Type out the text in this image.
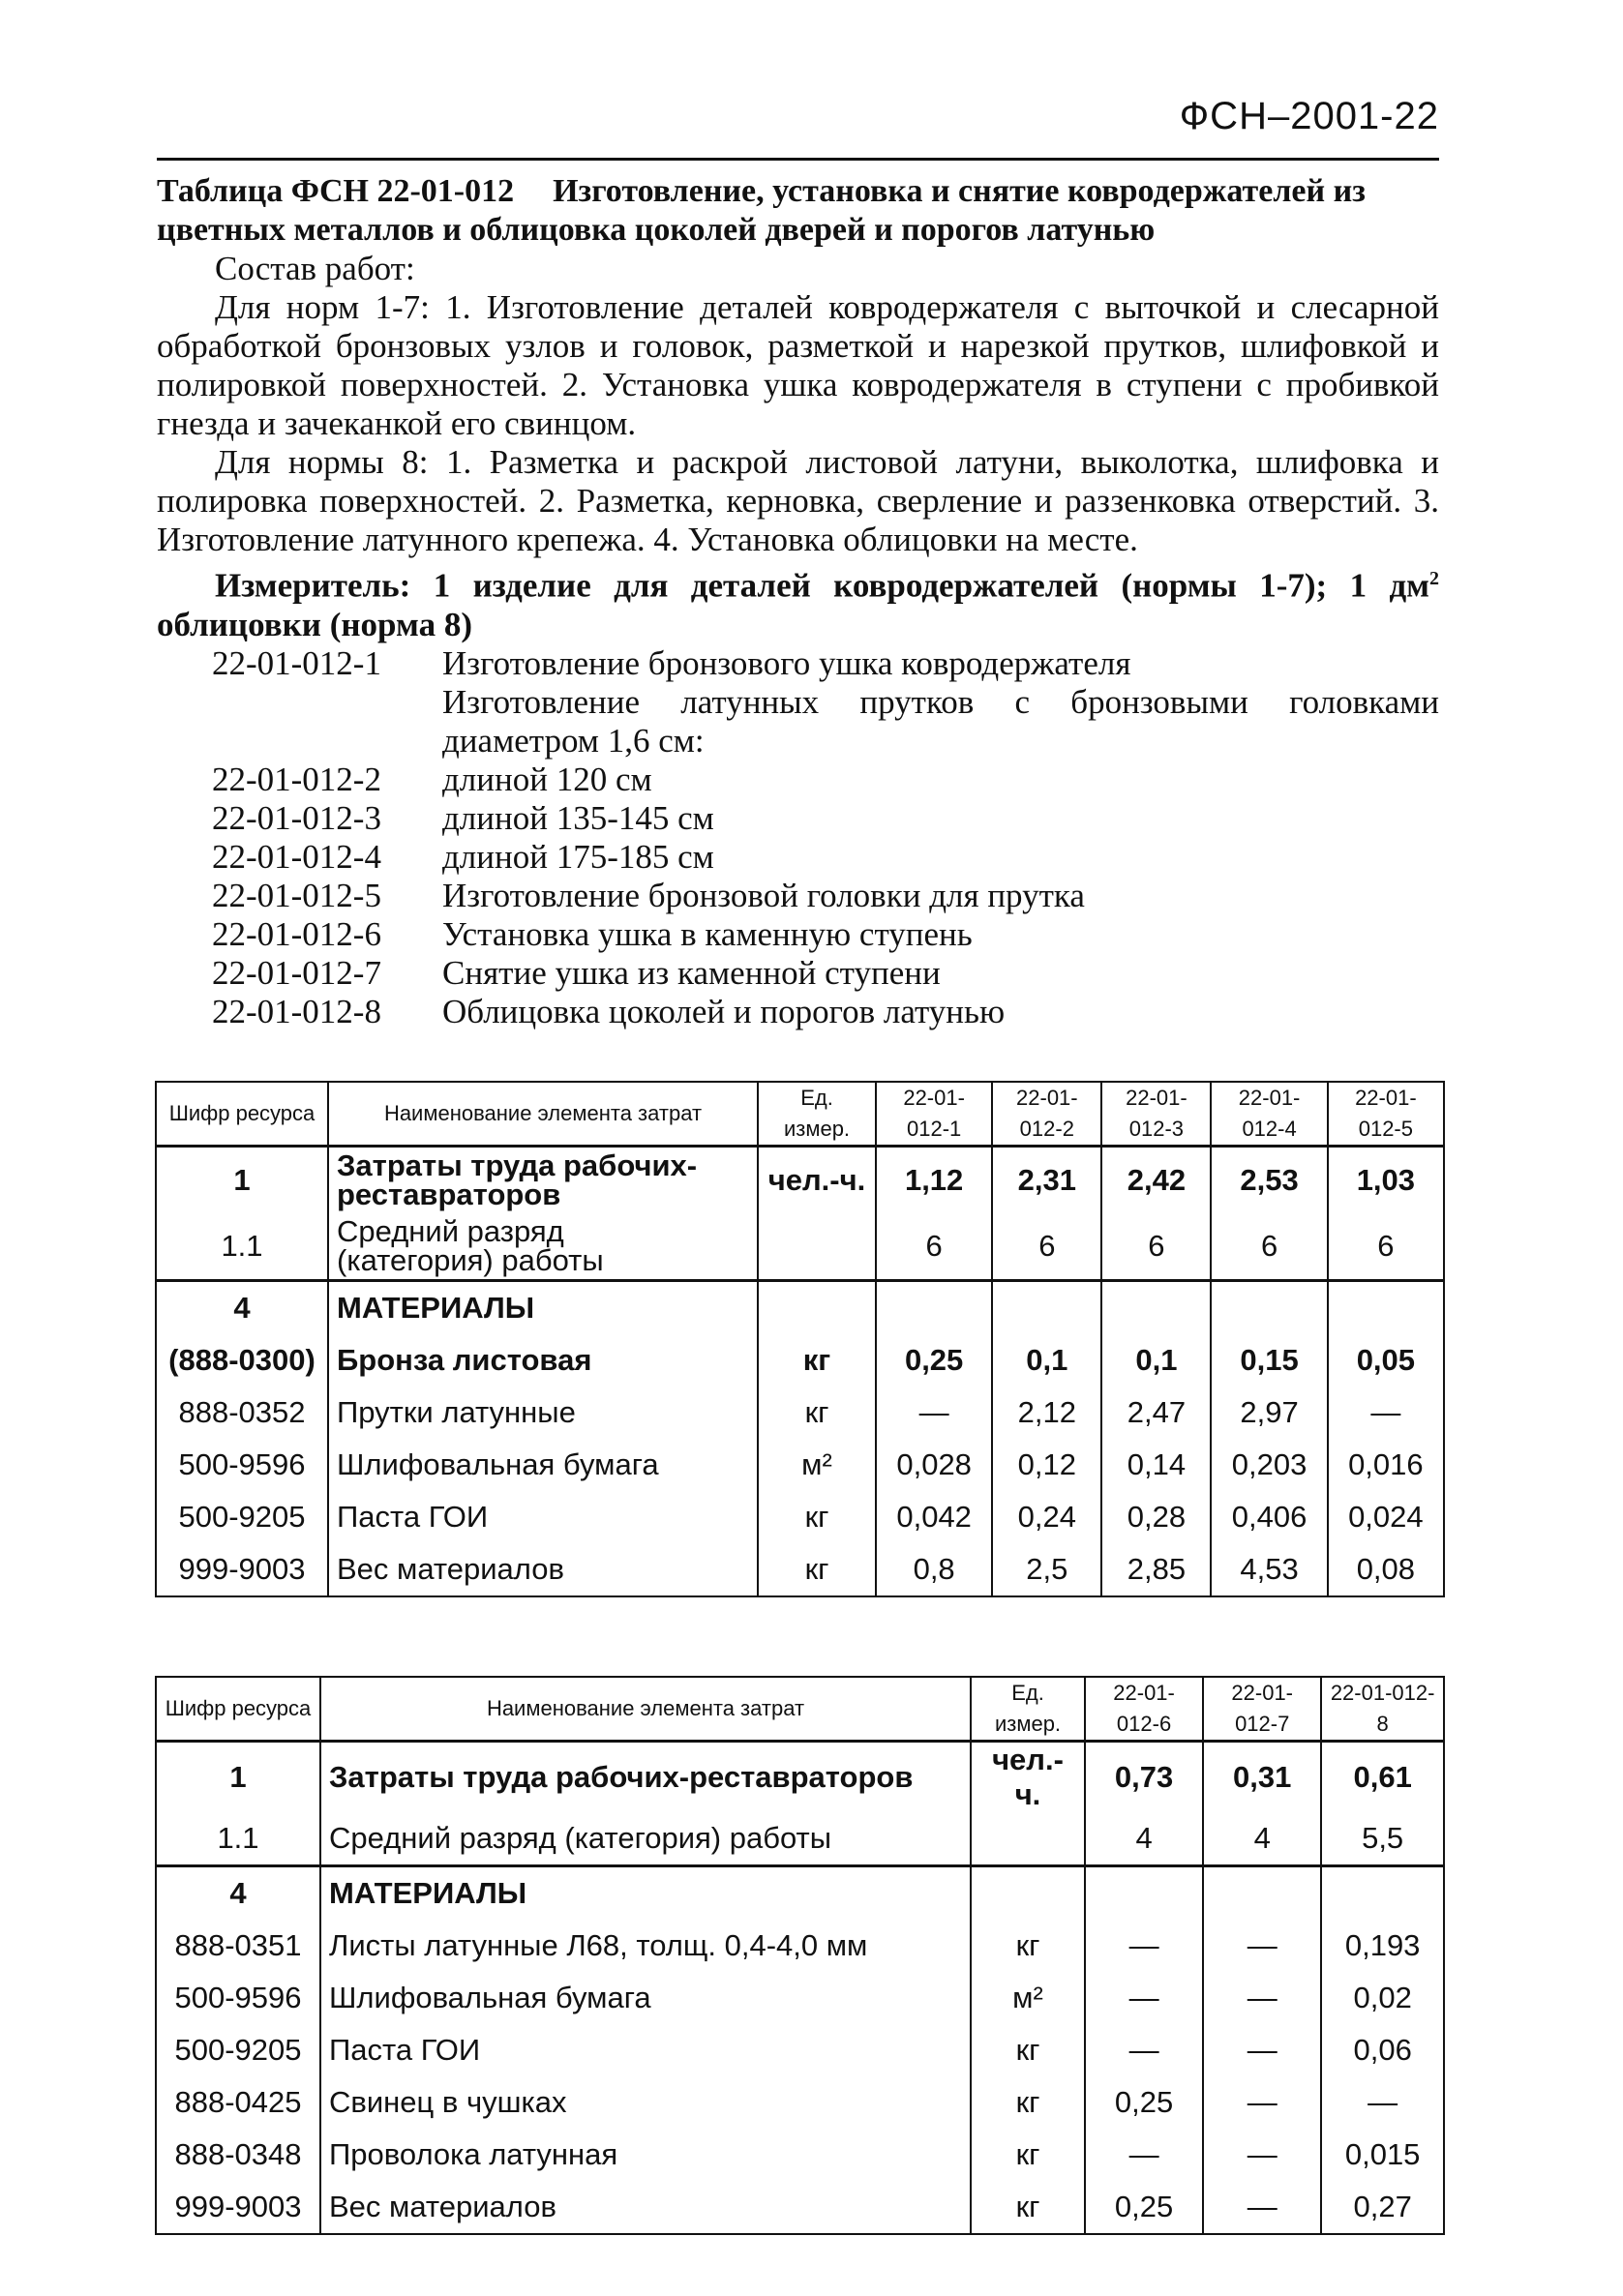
ФСН–2001-22
Таблица ФСН 22-01-012 Изготовление, установка и снятие ковродержателей из цветных металлов и облицовка цоколей дверей и порогов латунью

Состав работ:

Для норм 1-7: 1. Изготовление деталей ковродержателя с выточкой и слесарной обработкой бронзовых узлов и головок, разметкой и нарезкой прутков, шлифовкой и полировкой поверхностей. 2. Установка ушка ковродержателя в ступени с пробивкой гнезда и зачеканкой его свинцом.

Для нормы 8: 1. Разметка и раскрой листовой латуни, выколотка, шлифовка и полировка поверхностей. 2. Разметка, керновка, сверление и раззенковка отверстий. 3. Изготовление латунного крепежа. 4. Установка облицовки на месте.

Измеритель: 1 изделие для деталей ковродержателей (нормы 1-7); 1 $дм^2$ облицовки (норма 8)
22-01-012-1	Изготовление бронзового ушка ковродержателя
Изготовление латунных прутков с бронзовыми головками диаметром 1,6 см:
22-01-012-2	длиной 120 см
22-01-012-3	длиной 135-145 см
22-01-012-4	длиной 175-185 см
22-01-012-5	Изготовление бронзовой головки для прутка
22-01-012-6	Установка ушка в каменную ступень
22-01-012-7	Снятие ушка из каменной ступени
22-01-012-8	Облицовка цоколей и порогов латунью
Шифр ресурса	Наименование элемента затрат	Ед. измер.	22-01-012-1	22-01-012-2	22-01-012-3	22-01-012-4	22-01-012-5
1	Затраты труда рабочих-реставраторов	чел.-ч.	1,12	2,31	2,42	2,53	1,03
1.1	Средний разряд (категория) работы		6	6	6	6	6
4	МАТЕРИАЛЫ						
(888-0300)	Бронза листовая	кг	0,25	0,1	0,1	0,15	0,05
888-0352	Прутки латунные	кг	—	2,12	2,47	2,97	—
500-9596	Шлифовальная бумага	м²	0,028	0,12	0,14	0,203	0,016
500-9205	Паста ГОИ	кг	0,042	0,24	0,28	0,406	0,024
999-9003	Вес материалов	кг	0,8	2,5	2,85	4,53	0,08
Шифр ресурса	Наименование элемента затрат	Ед. измер.	22-01-012-6	22-01-012-7	22-01-012-8
1	Затраты труда рабочих-реставраторов	чел.-ч.	0,73	0,31	0,61
1.1	Средний разряд (категория) работы		4	4	5,5
4	МАТЕРИАЛЫ				
888-0351	Листы латунные Л68, толщ. 0,4-4,0 мм	кг	—	—	0,193
500-9596	Шлифовальная бумага	м²	—	—	0,02
500-9205	Паста ГОИ	кг	—	—	0,06
888-0425	Свинец в чушках	кг	0,25	—	—
888-0348	Проволока латунная	кг	—	—	0,015
999-9003	Вес материалов	кг	0,25	—	0,27
